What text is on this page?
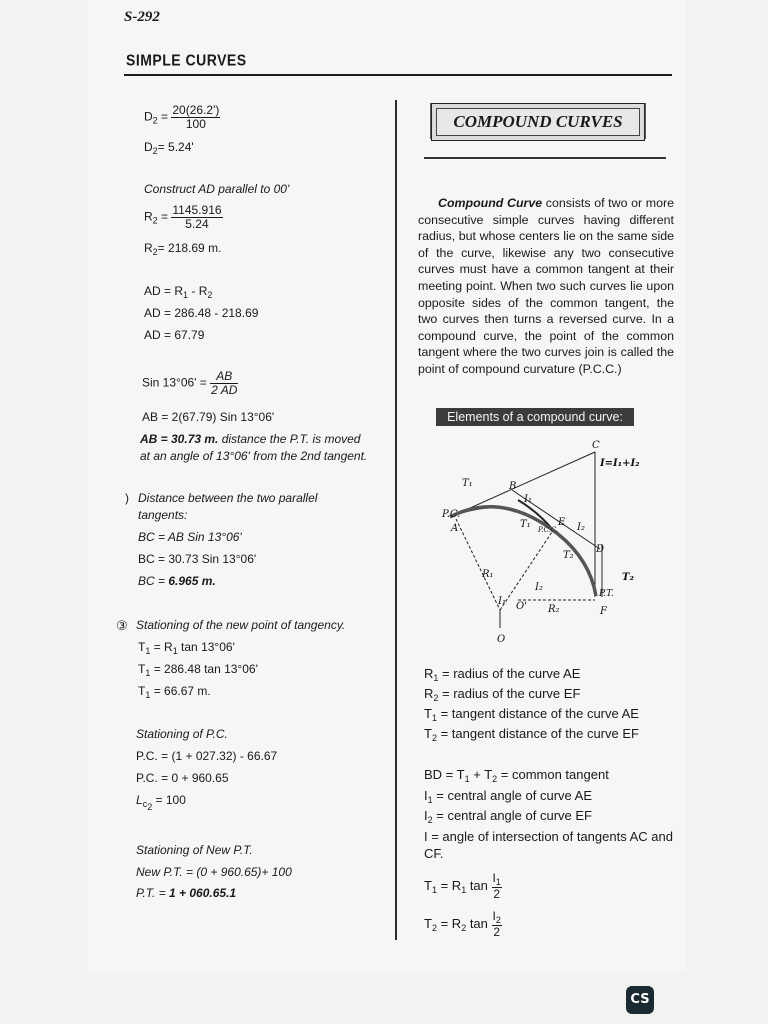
S-292
SIMPLE CURVES
$D_2 = \frac{20(26.2')}{100}$
$D_2= 5.24'$
Construct AD parallel to 00'
$R_2 = \frac{1145.916}{5.24}$
$R_2= 218.69$ m.
AD = $R_1 - R_2$
AD = 286.48 - 218.69
AD = 67.79
Sin $13^\circ 06' = \frac{AB}{2 AD}$
AB = 2(67.79) Sin 13°06'
AB = 30.73 m. distance the P.T. is moved
at an angle of 13°06' from the 2nd tangent.
) Distance between the two parallel
tangents:
BC = AB Sin 13°06'
BC = 30.73 Sin 13°06'
BC = 6.965 m.
③ Stationing of the new point of tangency.
$T_1 = R_1$ tan 13°06'
$T_1 = 286.48$ tan 13°06'
$T_1 = 66.67$ m.
Stationing of P.C.
P.C. = (1 + 027.32) - 66.67
P.C. = 0 + 960.65
$L_{c_2} = 100$
Stationing of New P.T.
New P.T. = (0 + 960.65)+ 100
P.T. = 1 + 060.65.1
COMPOUND CURVES
Compound Curve consists of two or more consecutive simple curves having different radius, but whose centers lie on the same side of the curve, likewise any two consecutive curves must have a common tangent at their meeting point. When two such curves lie upon opposite sides of the common tangent, the two curves then turns a reversed curve. In a compound curve, the point of the common tangent where the two curves join is called the point of compound curvature (P.C.C.)
Elements of a compound curve:
C
I=I₁+I₂
T₁	B
I₁
P.C.
A
E I₂
T₁ P.C.C.
T₂
D
T₂
R₁
I₂
I₁ O' R₂
P.T.
F
O
$R_1$ = radius of the curve AE
$R_2$ = radius of the curve EF
$T_1$ = tangent distance of the curve AE
$T_2$ = tangent distance of the curve EF
BD = $T_1 + T_2$ = common tangent
$I_1$ = central angle of curve AE
$I_2$ = central angle of curve EF
I = angle of intersection of tangents AC and
CF.
$T_1 = R_1$ $\tan \frac{I_1}{2}$
$T_2 = R_2$ $\tan \frac{I_2}{2}$
CS
